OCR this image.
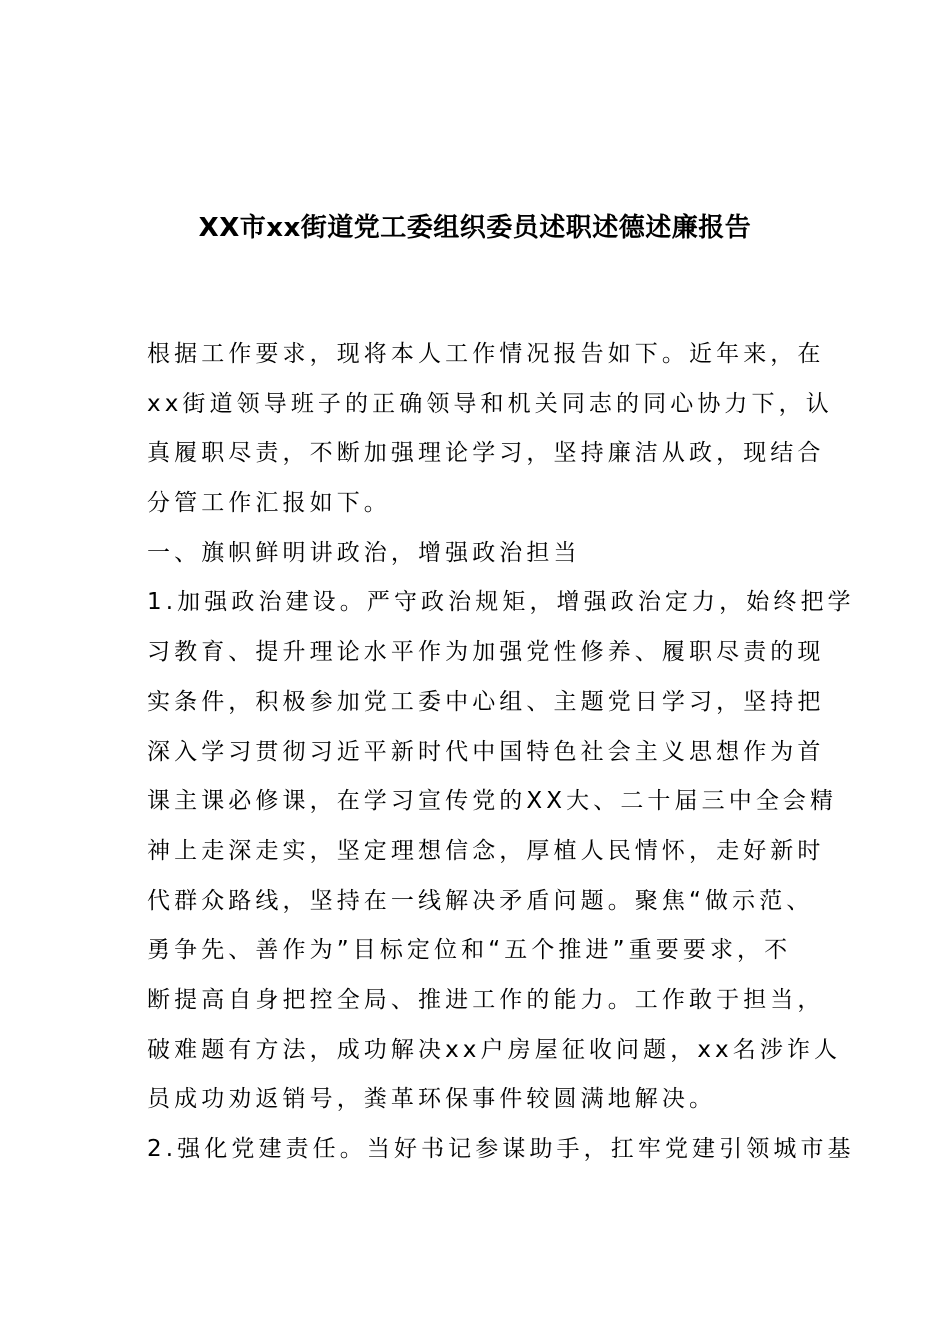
XX市xx街道党工委组织委员述职述德述廉报告
根据工作要求，现将本人工作情况报告如下。近年来，在
xx街道领导班子的正确领导和机关同志的同心协力下，认
真履职尽责，不断加强理论学习，坚持廉洁从政，现结合
分管工作汇报如下。
一、旗帜鲜明讲政治，增强政治担当
1.加强政治建设。严守政治规矩，增强政治定力，始终把学
习教育、提升理论水平作为加强党性修养、履职尽责的现
实条件，积极参加党工委中心组、主题党日学习，坚持把
深入学习贯彻习近平新时代中国特色社会主义思想作为首
课主课必修课，在学习宣传党的XX大、二十届三中全会精
神上走深走实，坚定理想信念，厚植人民情怀，走好新时
代群众路线，坚持在一线解决矛盾问题。聚焦“做示范、
勇争先、善作为”目标定位和“五个推进”重要要求，不
断提高自身把控全局、推进工作的能力。工作敢于担当，
破难题有方法，成功解决xx户房屋征收问题，xx名涉诈人
员成功劝返销号，粪革环保事件较圆满地解决。
2.强化党建责任。当好书记参谋助手，扛牢党建引领城市基
